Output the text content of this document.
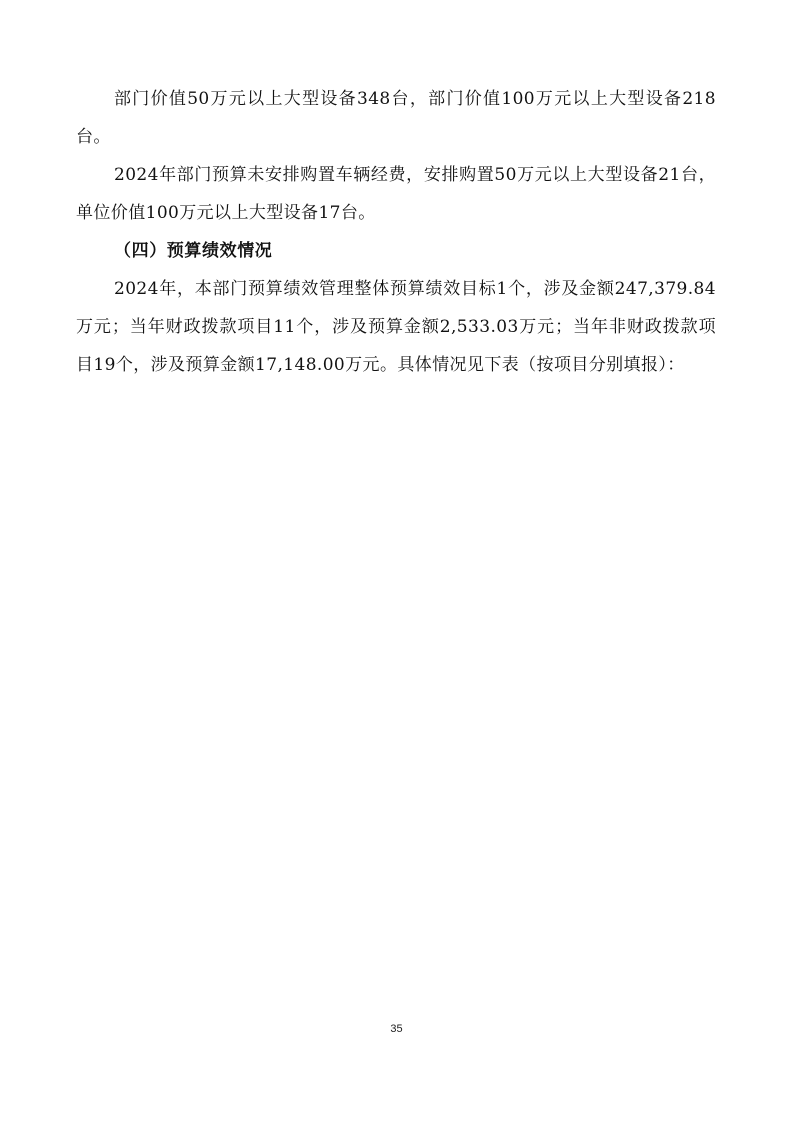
部门价值50万元以上大型设备348台，部门价值100万元以上大型设备218台。

2024年部门预算未安排购置车辆经费，安排购置50万元以上大型设备21台，单位价值100万元以上大型设备17台。

（四）预算绩效情况

2024年，本部门预算绩效管理整体预算绩效目标1个，涉及金额247,379.84万元；当年财政拨款项目11个，涉及预算金额2,533.03万元；当年非财政拨款项目19个，涉及预算金额17,148.00万元。具体情况见下表（按项目分别填报）：

35
